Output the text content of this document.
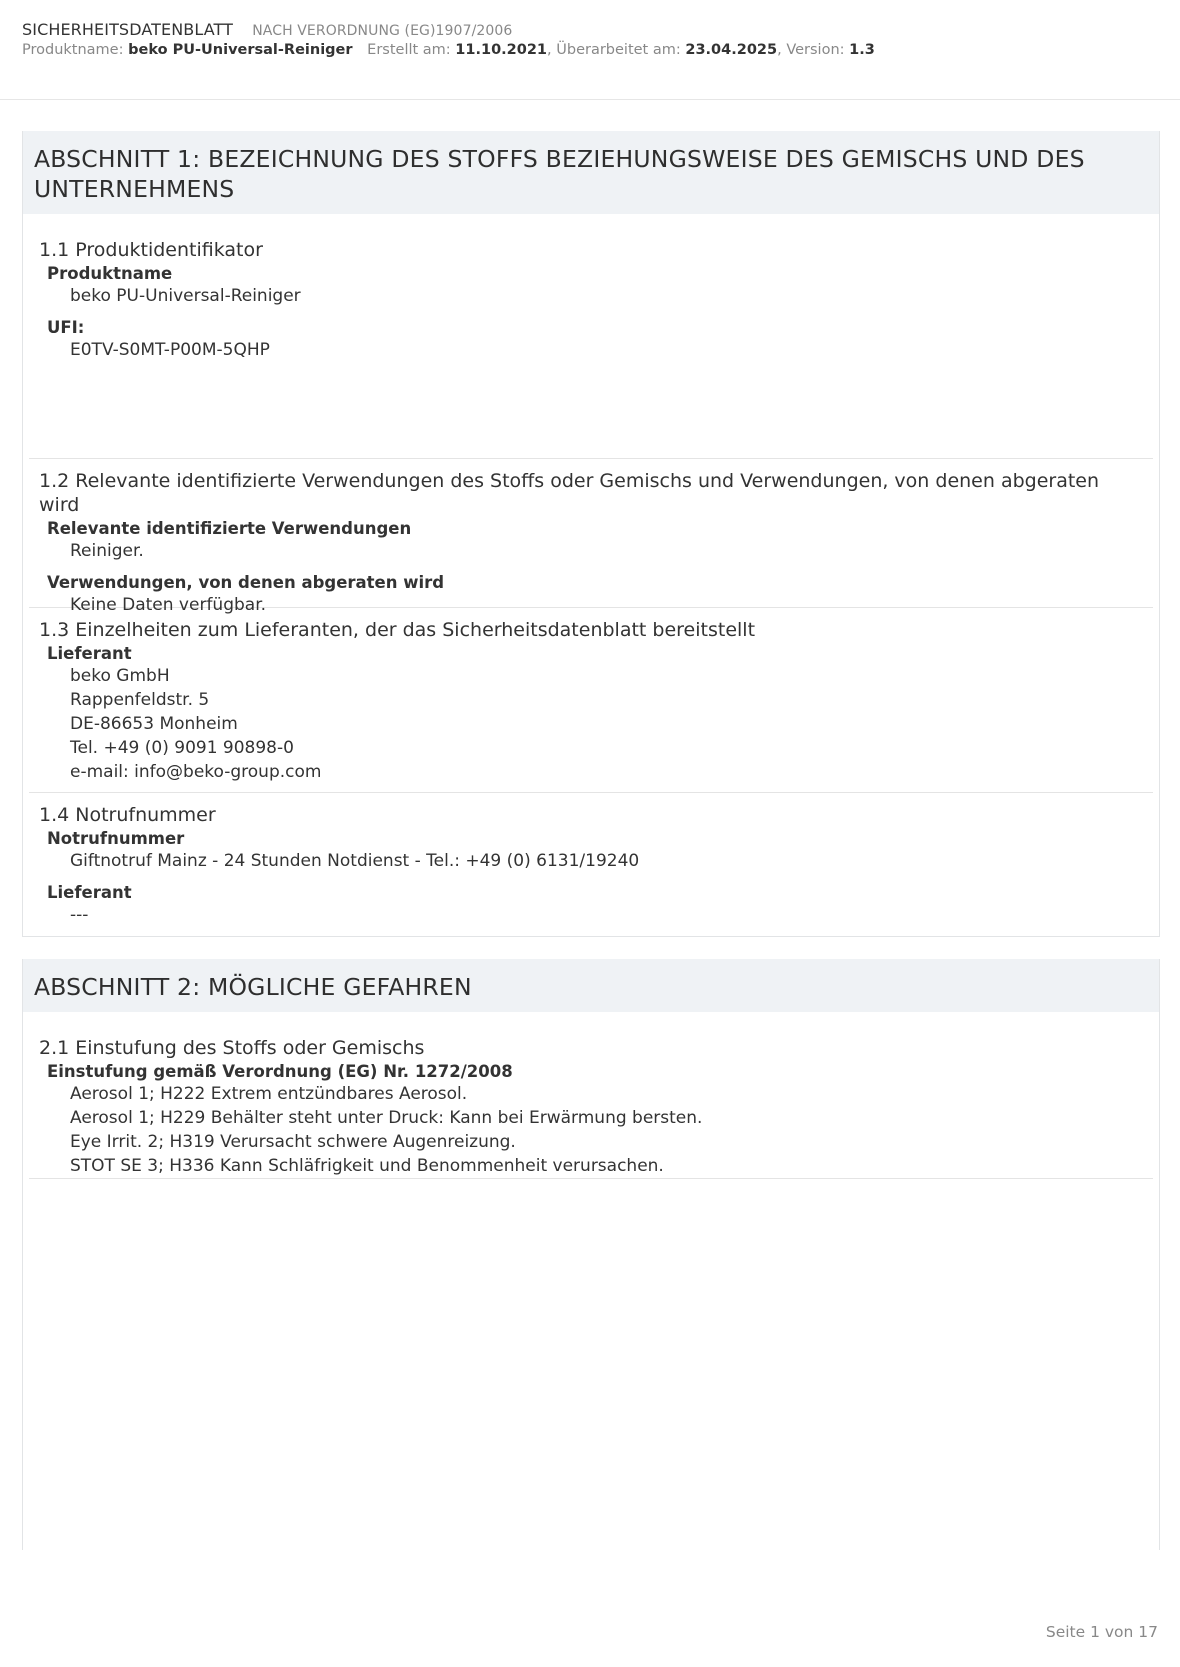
SICHERHEITSDATENBLATT NACH VERORDNUNG (EG)1907/2006
Produktname: beko PU-Universal-Reiniger Erstellt am: 11.10.2021, Überarbeitet am: 23.04.2025, Version: 1.3
ABSCHNITT 1: BEZEICHNUNG DES STOFFS BEZIEHUNGSWEISE DES GEMISCHS UND DES UNTERNEHMENS
1.1 Produktidentifikator
Produktname
beko PU-Universal-Reiniger
UFI:
E0TV-S0MT-P00M-5QHP
1.2 Relevante identifizierte Verwendungen des Stoffs oder Gemischs und Verwendungen, von denen abgeraten wird
Relevante identifizierte Verwendungen
Reiniger.
Verwendungen, von denen abgeraten wird
Keine Daten verfügbar.
1.3 Einzelheiten zum Lieferanten, der das Sicherheitsdatenblatt bereitstellt
Lieferant
beko GmbH
Rappenfeldstr. 5
DE-86653 Monheim
Tel. +49 (0) 9091 90898-0
e-mail: info@beko-group.com
1.4 Notrufnummer
Notrufnummer
Giftnotruf Mainz - 24 Stunden Notdienst - Tel.: +49 (0) 6131/19240
Lieferant
---
ABSCHNITT 2: MÖGLICHE GEFAHREN
2.1 Einstufung des Stoffs oder Gemischs
Einstufung gemäß Verordnung (EG) Nr. 1272/2008
Aerosol 1; H222 Extrem entzündbares Aerosol.
Aerosol 1; H229 Behälter steht unter Druck: Kann bei Erwärmung bersten.
Eye Irrit. 2; H319 Verursacht schwere Augenreizung.
STOT SE 3; H336 Kann Schläfrigkeit und Benommenheit verursachen.
Seite 1 von 17
